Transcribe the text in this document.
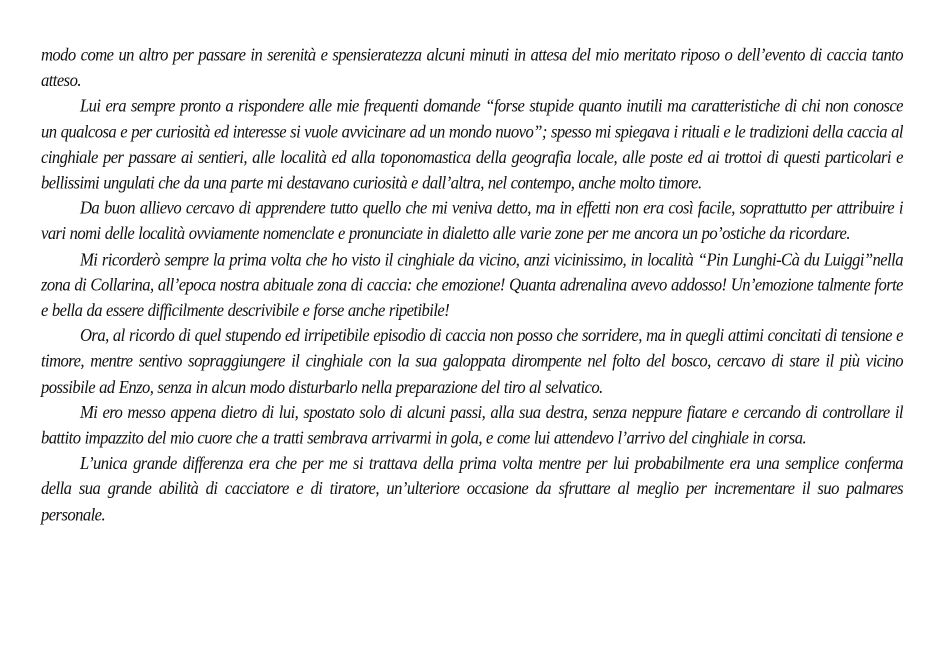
modo come un altro per passare in serenità e spensieratezza alcuni minuti in attesa del mio meritato riposo o dell’evento di caccia tanto atteso.

Lui era sempre pronto a rispondere alle mie frequenti domande “forse stupide quanto inutili ma caratteristiche di chi non conosce un qualcosa e per curiosità ed interesse si vuole avvicinare ad un mondo nuovo”; spesso mi spiegava i rituali e le tradizioni della caccia al cinghiale per passare ai sentieri, alle località ed alla toponomastica della geografia locale, alle poste ed ai trottoi di questi particolari e bellissimi ungulati che da una parte mi destavano curiosità e dall’altra, nel contempo, anche molto timore.

Da buon allievo cercavo di apprendere tutto quello che mi veniva detto, ma in effetti non era così facile, soprattutto per attribuire i vari nomi delle località ovviamente nomenclate e pronunciate in dialetto alle varie zone per me ancora un po’ostiche da ricordare.

Mi ricorderò sempre la prima volta che ho visto il cinghiale da vicino, anzi vicinissimo, in località “Pin Lunghi-Cà du Luiggi”nella zona di Collarina, all’epoca nostra abituale zona di caccia: che emozione! Quanta adrenalina avevo addosso! Un’emozione talmente forte e bella da essere difficilmente descrivibile e forse anche ripetibile!

Ora, al ricordo di quel stupendo ed irripetibile episodio di caccia non posso che sorridere, ma in quegli attimi concitati di tensione e timore, mentre sentivo sopraggiungere il cinghiale con la sua galoppata dirompente nel folto del bosco, cercavo di stare il più vicino possibile ad Enzo, senza in alcun modo disturbarlo nella preparazione del tiro al selvatico.

Mi ero messo appena dietro di lui, spostato solo di alcuni passi, alla sua destra, senza neppure fiatare e cercando di controllare il battito impazzito del mio cuore che a tratti sembrava arrivarmi in gola, e come lui attendevo l’arrivo del cinghiale in corsa.

L’unica grande differenza era che per me si trattava della prima volta mentre per lui probabilmente era una semplice conferma della sua grande abilità di cacciatore e di tiratore, un’ulteriore occasione da sfruttare al meglio per incrementare il suo palmares personale.
